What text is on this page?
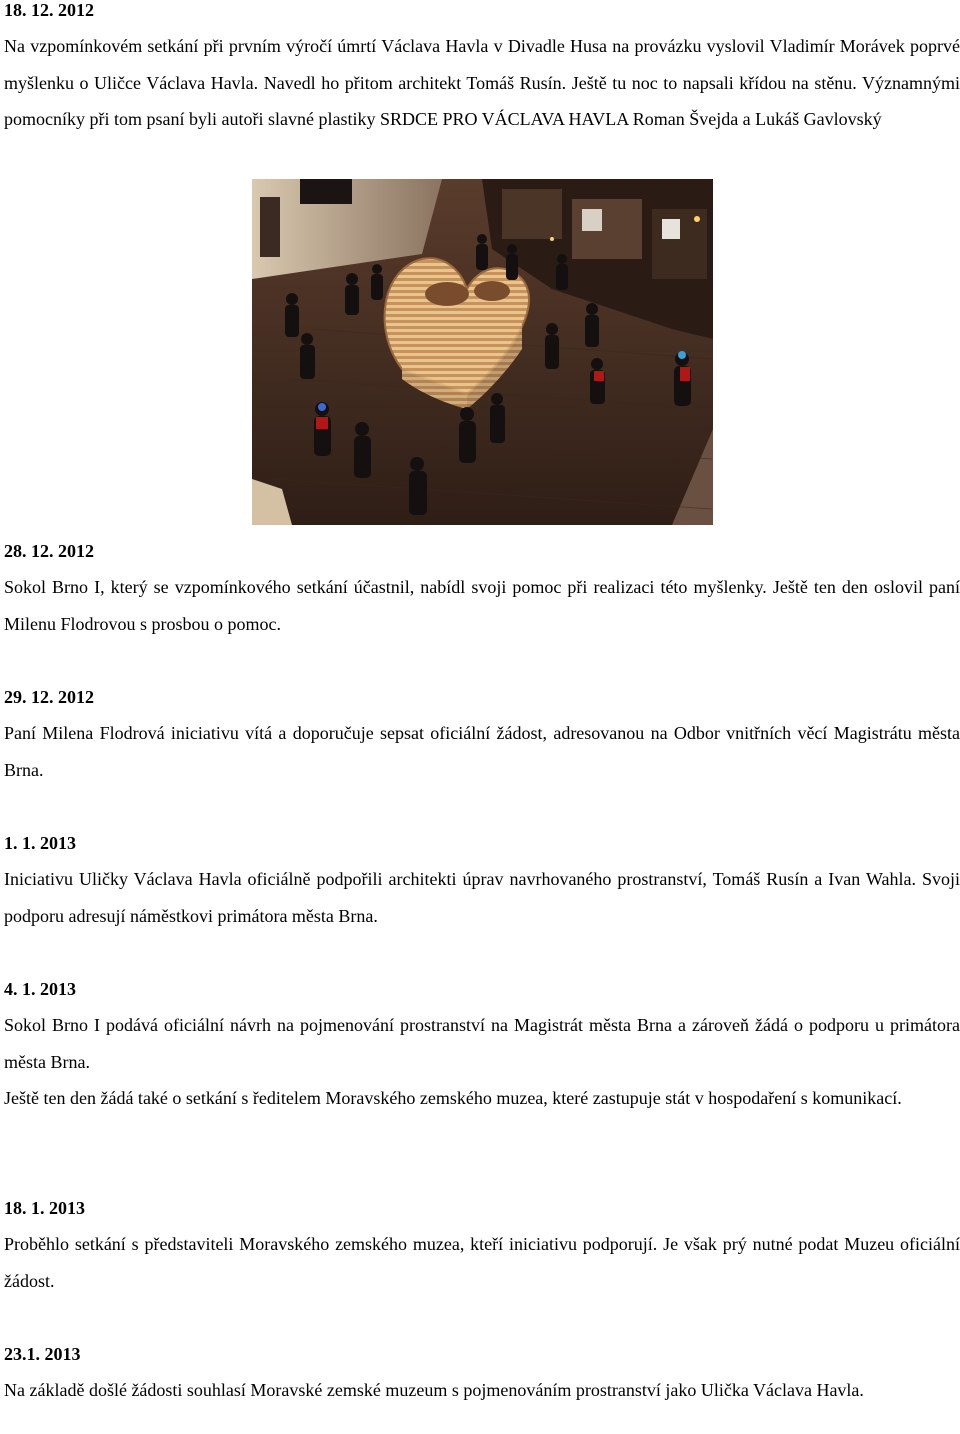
18. 12. 2012

Na vzpomínkovém setkání při prvním výročí úmrtí Václava Havla v Divadle Husa na provázku vyslovil Vladimír Morávek poprvé myšlenku o Uličce Václava Havla. Navedl ho přitom architekt Tomáš Rusín. Ještě tu noc to napsali křídou na stěnu. Významnými pomocníky při tom psaní byli autoři slavné plastiky SRDCE PRO VÁCLAVA HAVLA Roman Švejda a Lukáš Gavlovský

28. 12. 2012

Sokol Brno I, který se vzpomínkového setkání účastnil, nabídl svoji pomoc při realizaci této myšlenky. Ještě ten den oslovil paní Milenu Flodrovou s prosbou o pomoc.

29. 12. 2012

Paní Milena Flodrová iniciativu vítá a doporučuje sepsat oficiální žádost, adresovanou na Odbor vnitřních věcí Magistrátu města Brna.

1. 1. 2013

Iniciativu Uličky Václava Havla oficiálně podpořili architekti úprav navrhovaného prostranství, Tomáš Rusín a Ivan Wahla. Svoji podporu adresují náměstkovi primátora města Brna.

4. 1. 2013

Sokol Brno I podává oficiální návrh na pojmenování prostranství na Magistrát města Brna a zároveň žádá o podporu u primátora města Brna.

Ještě ten den žádá také o setkání s ředitelem Moravského zemského muzea, které zastupuje stát v hospodaření s komunikací.

18. 1. 2013

Proběhlo setkání s představiteli Moravského zemského muzea, kteří iniciativu podporují. Je však prý nutné podat Muzeu oficiální žádost.

23.1. 2013

Na základě došlé žádosti souhlasí Moravské zemské muzeum s pojmenováním prostranství jako Ulička Václava Havla.
